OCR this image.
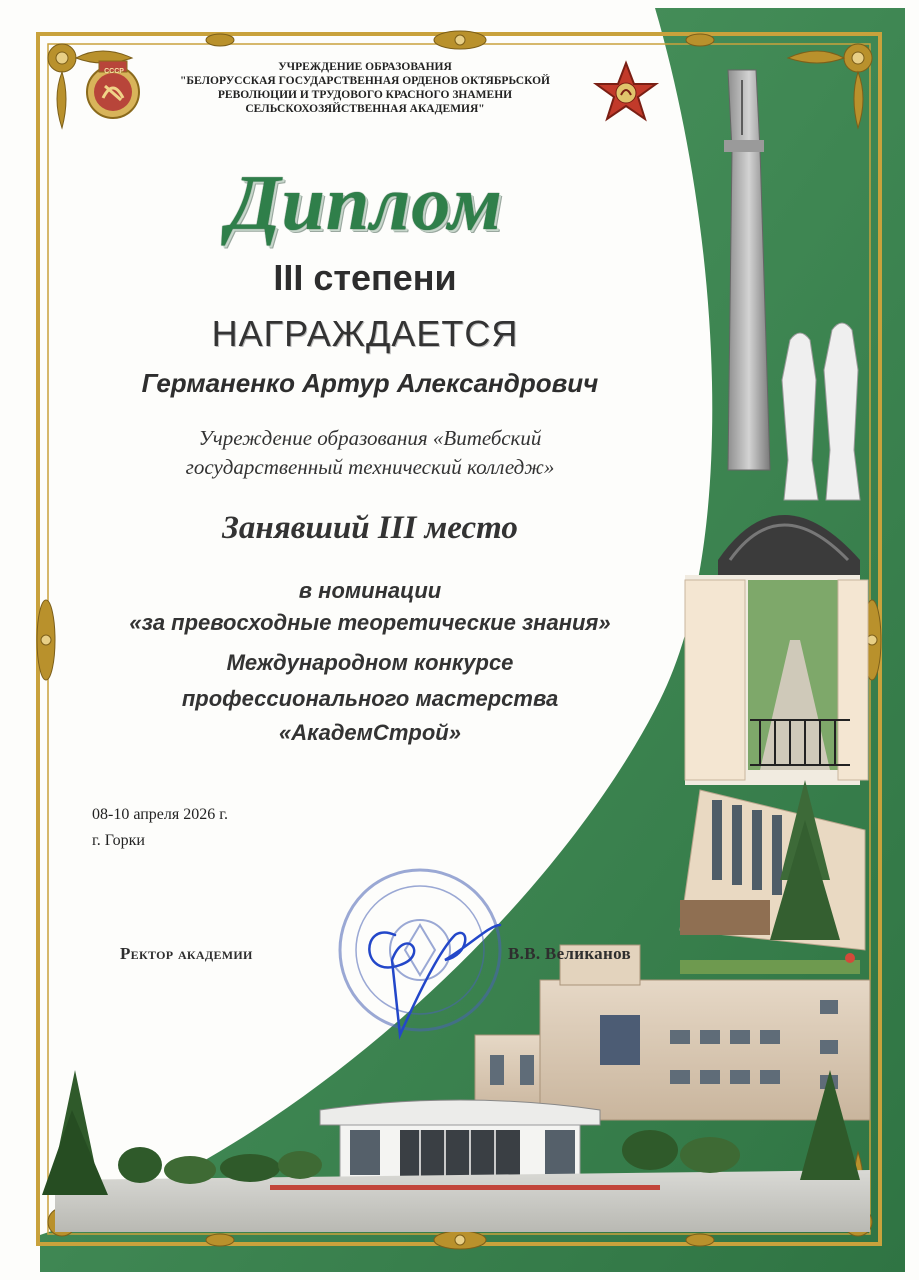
УЧРЕЖДЕНИЕ ОБРАЗОВАНИЯ
"БЕЛОРУССКАЯ ГОСУДАРСТВЕННАЯ ОРДЕНОВ ОКТЯБРЬСКОЙ
РЕВОЛЮЦИИ И ТРУДОВОГО КРАСНОГО ЗНАМЕНИ
СЕЛЬСКОХОЗЯЙСТВЕННАЯ АКАДЕМИЯ"
СССР
Диплом
III степени
НАГРАЖДАЕТСЯ
Германенко Артур Александрович
Учреждение образования «Витебский
государственный технический колледж»
Занявший III место
в номинации
«за превосходные теоретические знания»
Международном конкурсе
профессионального мастерства
«АкадемСтрой»
08-10 апреля 2026 г.
г. Горки
Ректор академии	В.В. Великанов
